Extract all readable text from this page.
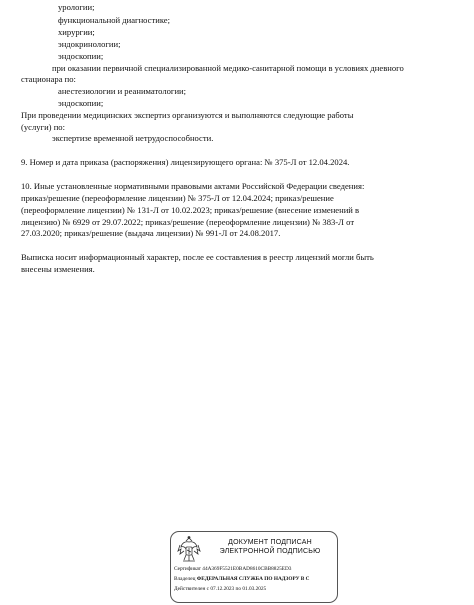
урологии;
функциональной диагностике;
хирургии;
эндокринологии;
эндоскопии;
при оказании первичной специализированной медико-санитарной помощи в условиях дневного
стационара по:
анестезиологии и реаниматологии;
эндоскопии;
При проведении медицинских экспертиз организуются и выполняются следующие работы
(услуги) по:
экспертизе временной нетрудоспособности.
9. Номер и дата приказа (распоряжения) лицензирующего органа: № 375-Л от 12.04.2024.
10. Иные установленные нормативными правовыми актами Российской Федерации сведения:
приказ/решение (переоформление лицензии) № 375-Л от 12.04.2024; приказ/решение
(переоформление лицензии) № 131-Л от 10.02.2023; приказ/решение (внесение изменений в
лицензию) № 6929 от 29.07.2022; приказ/решение (переоформление лицензии) № 383-Л от
27.03.2020; приказ/решение (выдача лицензии) № 991-Л от 24.08.2017.
Выписка носит информационный характер, после ее составления в реестр лицензий могли быть
внесены изменения.
ДОКУМЕНТ ПОДПИСАН
ЭЛЕКТРОННОЙ ПОДПИСЬЮ
Сертификат 44A369F5521E0BAD8610CBB8825ED3
Владелец ФЕДЕРАЛЬНАЯ СЛУЖБА ПО НАДЗОРУ В С
Действителен с 07.12.2023 по 01.03.2025
